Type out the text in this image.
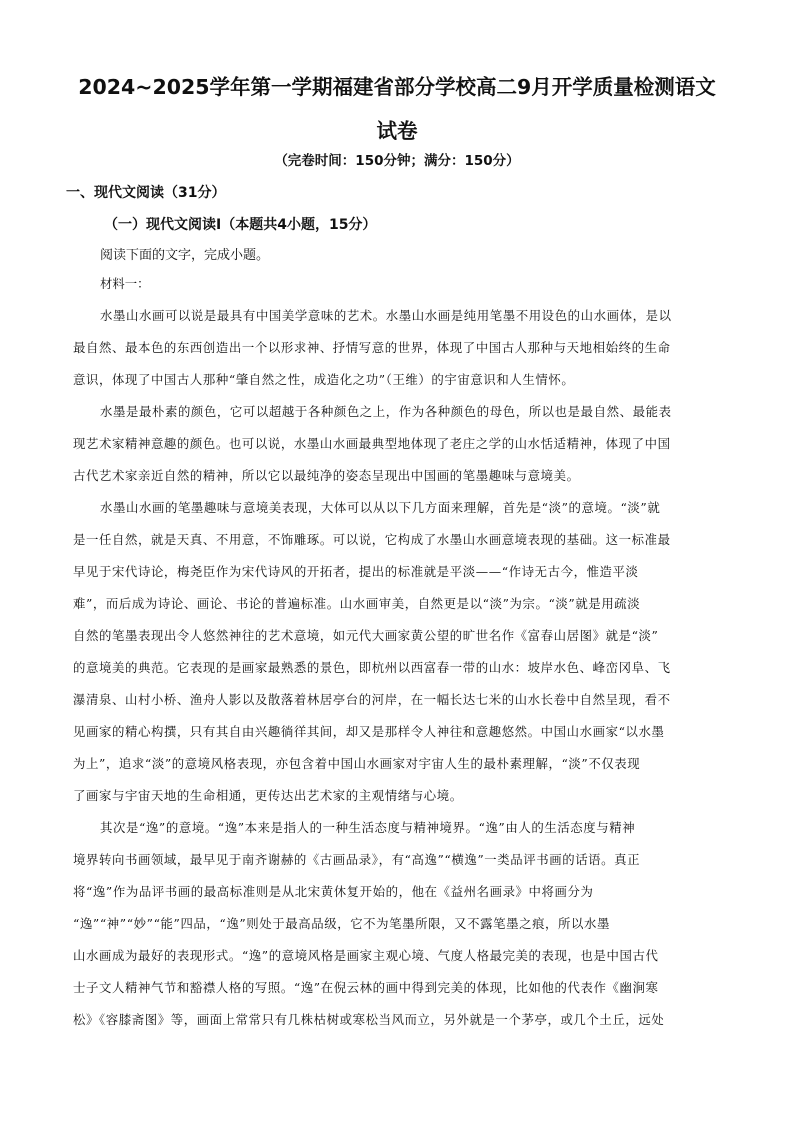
2024~2025学年第一学期福建省部分学校高二9月开学质量检测语文
试卷
（完卷时间：150分钟；满分：150分）
一、现代文阅读（31分）
（一）现代文阅读Ⅰ（本题共4小题，15分）
阅读下面的文字，完成小题。
材料一：
水墨山水画可以说是最具有中国美学意味的艺术。水墨山水画是纯用笔墨不用设色的山水画体，是以
最自然、最本色的东西创造出一个以形求神、抒情写意的世界，体现了中国古人那种与天地相始终的生命
意识，体现了中国古人那种“肇自然之性，成造化之功”（王维）的宇宙意识和人生情怀。
水墨是最朴素的颜色，它可以超越于各种颜色之上，作为各种颜色的母色，所以也是最自然、最能表
现艺术家精神意趣的颜色。也可以说，水墨山水画最典型地体现了老庄之学的山水恬适精神，体现了中国
古代艺术家亲近自然的精神，所以它以最纯净的姿态呈现出中国画的笔墨趣味与意境美。
水墨山水画的笔墨趣味与意境美表现，大体可以从以下几方面来理解，首先是“淡”的意境。“淡”就
是一任自然，就是天真、不用意，不饰雕琢。可以说，它构成了水墨山水画意境表现的基础。这一标准最
早见于宋代诗论，梅尧臣作为宋代诗风的开拓者，提出的标准就是平淡——“作诗无古今，惟造平淡
难”，而后成为诗论、画论、书论的普遍标准。山水画审美，自然更是以“淡”为宗。“淡”就是用疏淡
自然的笔墨表现出令人悠然神往的艺术意境，如元代大画家黄公望的旷世名作《富春山居图》就是“淡”
的意境美的典范。它表现的是画家最熟悉的景色，即杭州以西富春一带的山水：坡岸水色、峰峦冈阜、飞
瀑清泉、山村小桥、渔舟人影以及散落着林居亭台的河岸，在一幅长达七米的山水长卷中自然呈现，看不
见画家的精心构撰，只有其自由兴趣徜徉其间，却又是那样令人神往和意趣悠然。中国山水画家“以水墨
为上”，追求“淡”的意境风格表现，亦包含着中国山水画家对宇宙人生的最朴素理解，“淡”不仅表现
了画家与宇宙天地的生命相通，更传达出艺术家的主观情绪与心境。
其次是“逸”的意境。“逸”本来是指人的一种生活态度与精神境界。“逸”由人的生活态度与精神
境界转向书画领域，最早见于南齐谢赫的《古画品录》，有“高逸”“横逸”一类品评书画的话语。真正
将“逸”作为品评书画的最高标准则是从北宋黄休复开始的，他在《益州名画录》中将画分为
“逸”“神”“妙”“能”四品，“逸”则处于最高品级，它不为笔墨所限，又不露笔墨之痕，所以水墨
山水画成为最好的表现形式。“逸”的意境风格是画家主观心境、气度人格最完美的表现，也是中国古代
士子文人精神气节和豁襟人格的写照。“逸”在倪云林的画中得到完美的体现，比如他的代表作《幽涧寒
松》《容膝斋图》等，画面上常常只有几株枯树或寒松当风而立，另外就是一个茅亭，或几个土丘，远处
